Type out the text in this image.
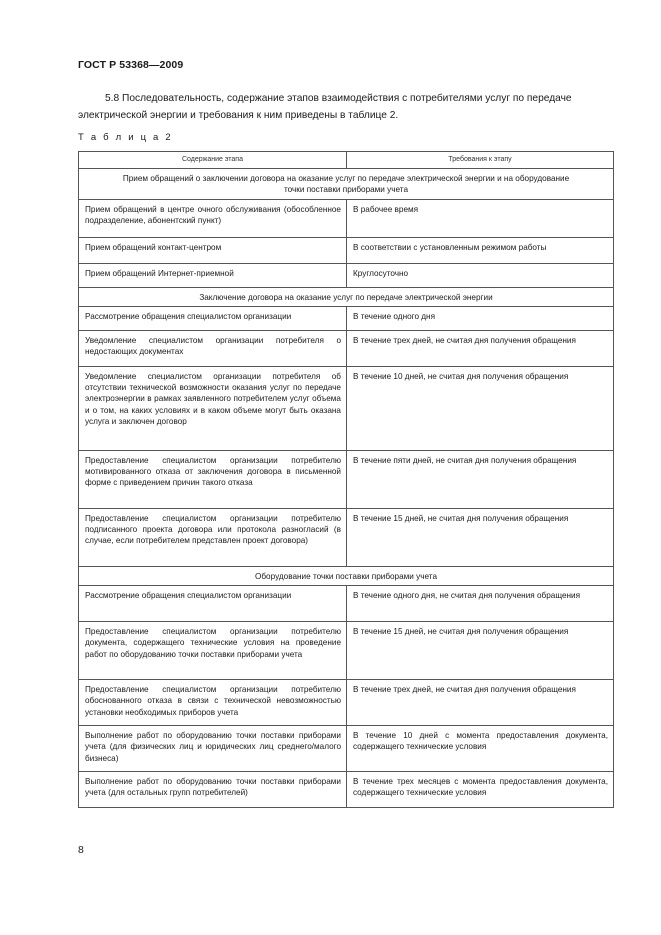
ГОСТ Р 53368—2009
5.8 Последовательность, содержание этапов взаимодействия с потребителями услуг по передаче электрической энергии и требования к ним приведены в таблице 2.
Т а б л и ц а 2
Содержание этапа	Требования к этапу
Прием обращений о заключении договора на оказание услуг по передаче электрической энергии и на оборудование точки поставки приборами учета	
Прием обращений в центре очного обслуживания (обособленное подразделение, абонентский пункт)	В рабочее время
Прием обращений контакт-центром	В соответствии с установленным режимом работы
Прием обращений Интернет-приемной	Круглосуточно
Заключение договора на оказание услуг по передаче электрической энергии	
Рассмотрение обращения специалистом организации	В течение одного дня
Уведомление специалистом организации потребителя о недостающих документах	В течение трех дней, не считая дня получения обращения
Уведомление специалистом организации потребителя об отсутствии технической возможности оказания услуг по передаче электроэнергии в рамках заявленного потребителем услуг объема и о том, на каких условиях и в каком объеме могут быть оказана услуга и заключен договор	В течение 10 дней, не считая дня получения обращения
Предоставление специалистом организации потребителю мотивированного отказа от заключения договора в письменной форме с приведением причин такого отказа	В течение пяти дней, не считая дня получения обращения
Предоставление специалистом организации потребителю подписанного проекта договора или протокола разногласий (в случае, если потребителем представлен проект договора)	В течение 15 дней, не считая дня получения обращения
Оборудование точки поставки приборами учета	
Рассмотрение обращения специалистом организации	В течение одного дня, не считая дня получения обращения
Предоставление специалистом организации потребителю документа, содержащего технические условия на проведение работ по оборудованию точки поставки приборами учета	В течение 15 дней, не считая дня получения обращения
Предоставление специалистом организации потребителю обоснованного отказа в связи с технической невозможностью установки необходимых приборов учета	В течение трех дней, не считая дня получения обращения
Выполнение работ по оборудованию точки поставки приборами учета (для физических лиц и юридических лиц среднего/малого бизнеса)	В течение 10 дней с момента предоставления документа, содержащего технические условия
Выполнение работ по оборудованию точки поставки приборами учета (для остальных групп потребителей)	В течение трех месяцев с момента предоставления документа, содержащего технические условия
8
